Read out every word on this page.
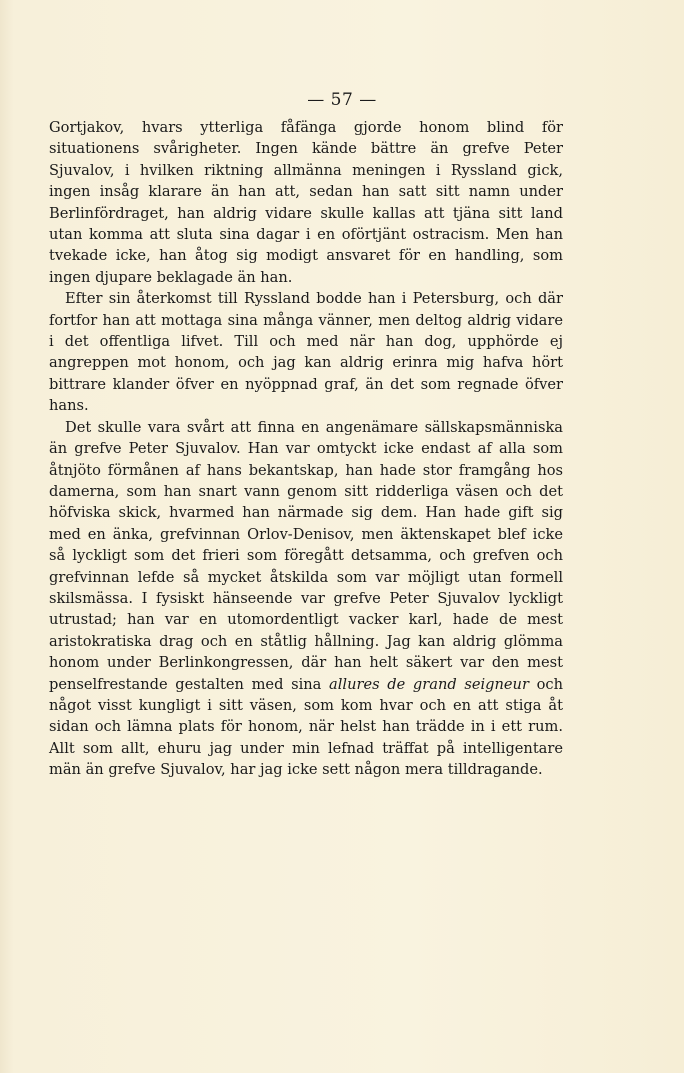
— 57 —

Gortjakov, hvars ytterliga fåfänga gjorde honom blind för situationens svårigheter. Ingen kände bättre än grefve Peter Sjuvalov, i hvilken riktning allmänna meningen i Ryssland gick, ingen insåg klarare än han att, sedan han satt sitt namn under Berlinfördraget, han aldrig vidare skulle kallas att tjäna sitt land utan komma att sluta sina dagar i en oförtjänt ostracism. Men han tvekade icke, han åtog sig modigt ansvaret för en handling, som ingen djupare beklagade än han.

Efter sin återkomst till Ryssland bodde han i Petersburg, och där fortfor han att mottaga sina många vänner, men deltog aldrig vidare i det offentliga lifvet. Till och med när han dog, upphörde ej angreppen mot honom, och jag kan aldrig erinra mig hafva hört bittrare klander öfver en nyöppnad graf, än det som regnade öfver hans.

Det skulle vara svårt att finna en angenämare sällskapsmänniska än grefve Peter Sjuvalov. Han var omtyckt icke endast af alla som åtnjöto förmånen af hans bekantskap, han hade stor framgång hos damerna, som han snart vann genom sitt ridderliga väsen och det höfviska skick, hvarmed han närmade sig dem. Han hade gift sig med en änka, grefvinnan Orlov-Denisov, men äktenskapet blef icke så lyckligt som det frieri som föregått detsamma, och grefven och grefvinnan lefde så mycket åtskilda som var möjligt utan formell skilsmässa. I fysiskt hänseende var grefve Peter Sjuvalov lyckligt utrustad; han var en utomordentligt vacker karl, hade de mest aristokratiska drag och en ståtlig hållning. Jag kan aldrig glömma honom under Berlinkongressen, där han helt säkert var den mest penselfrestande gestalten med sina allures de grand seigneur och något visst kungligt i sitt väsen, som kom hvar och en att stiga åt sidan och lämna plats för honom, när helst han trädde in i ett rum. Allt som allt, ehuru jag under min lefnad träffat på intelligentare män än grefve Sjuvalov, har jag icke sett någon mera tilldragande.
